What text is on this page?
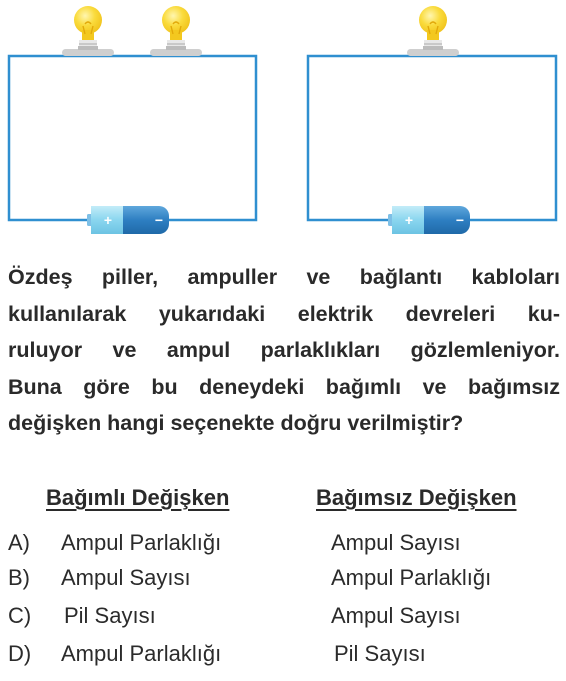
+	−	+	−

Özdeş piller, ampuller ve bağlantı kabloları
kullanılarak yukarıdaki elektrik devreleri ku-
ruluyor ve ampul parlaklıkları gözlemleniyor.
Buna göre bu deneydeki bağımlı ve bağımsız
değişken hangi seçenekte doğru verilmiştir?

Bağımlı Değişken	Bağımsız Değişken
A) Ampul Parlaklığı	Ampul Sayısı
B) Ampul Sayısı	Ampul Parlaklığı
C) Pil Sayısı	Ampul Sayısı
D) Ampul Parlaklığı	Pil Sayısı
